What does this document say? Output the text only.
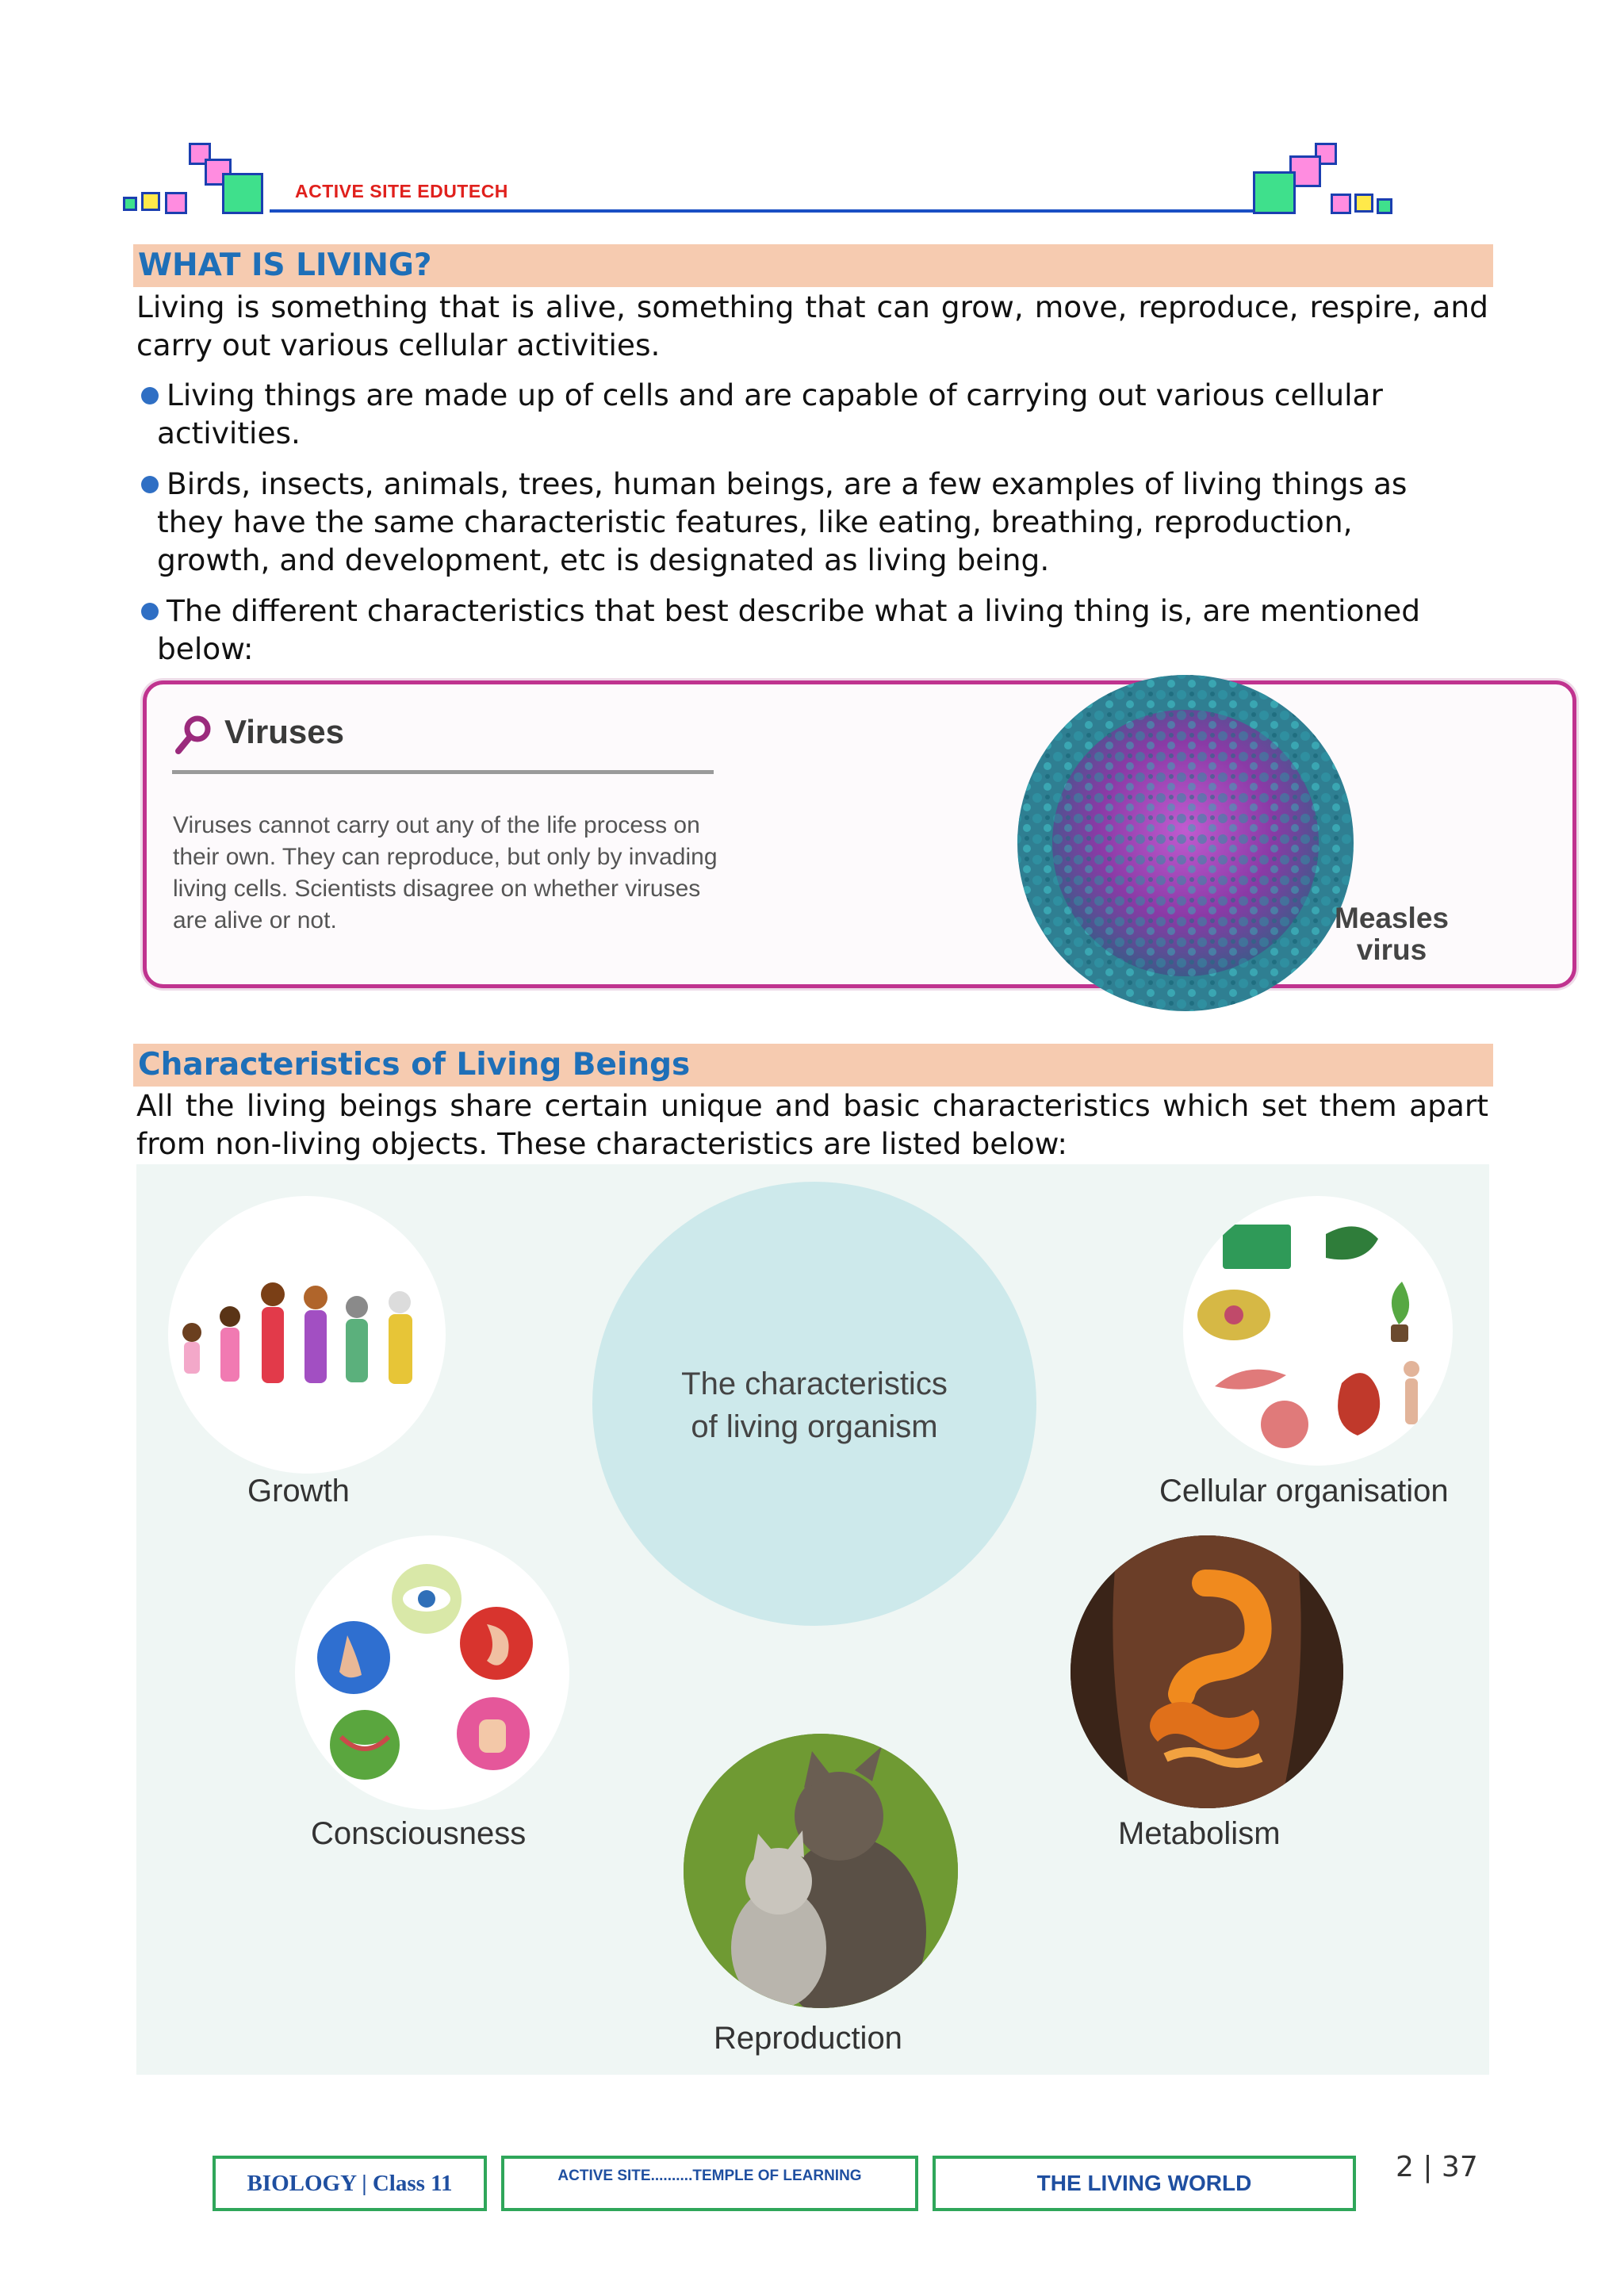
ACTIVE SITE EDUTECH
WHAT IS LIVING?

Living is something that is alive, something that can grow, move, reproduce, respire, and carry out various cellular activities.

Living things are made up of cells and are capable of carrying out various cellular
activities.
Birds, insects, animals, trees, human beings, are a few examples of living things as
they have the same characteristic features, like eating, breathing, reproduction,
growth, and development, etc is designated as living being.
The different characteristics that best describe what a living thing is, are mentioned
below:
Viruses
Viruses cannot carry out any of the life process on their own. They can reproduce, but only by invading living cells. Scientists disagree on whether viruses are alive or not.	Measles
virus
Characteristics of Living Beings

All the living beings share certain unique and basic characteristics which set them apart from non-living objects. These characteristics are listed below:

The characteristics
of living organism
Growth	Cellular organisation
Consciousness	Metabolism
Reproduction
BIOLOGY | Class 11	ACTIVE SITE..........TEMPLE OF LEARNING	THE LIVING WORLD	2 | 37
